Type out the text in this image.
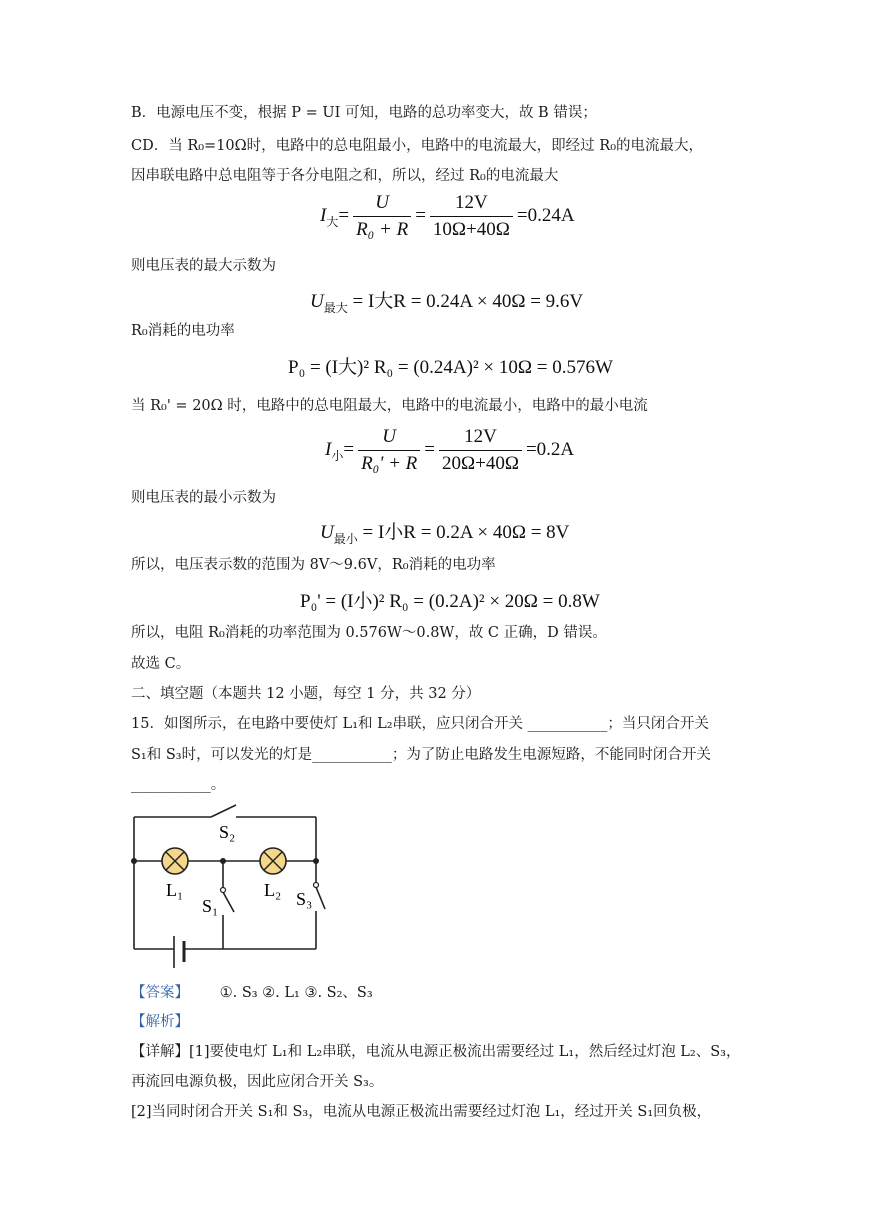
B．电源电压不变，根据 P = UI 可知，电路的总功率变大，故 B 错误；
CD．当 R₀=10Ω时，电路中的总电阻最小，电路中的电流最大，即经过 R₀的电流最大，
因串联电路中总电阻等于各分电阻之和，所以，经过 R₀的电流最大
$I_大= \frac{U}{\text{R₀ + R}} = \frac{12V}{10\Omega+40\Omega} =0.24A$
则电压表的最大示数为
$U_{最大} = I$大R = 0.24A × 40Ω = 9.6V
R₀消耗的电功率
P₀ = (I大)² R₀ = (0.24A)² × 10Ω = 0.576W
当 R₀' = 20Ω 时，电路中的总电阻最大，电路中的电流最小，电路中的最小电流
$I_小= \frac{U}{\text{R₀' + R}} = \frac{12V}{20\Omega+40\Omega} =0.2A$
则电压表的最小示数为
$U_{最小} = I$小R = 0.2A × 40Ω = 8V
所以，电压表示数的范围为 8V～9.6V，R₀消耗的电功率
P₀' = (I小)² R₀ = (0.2A)² × 20Ω = 0.8W
所以，电阻 R₀消耗的功率范围为 0.576W～0.8W，故 C 正确，D 错误。
故选 C。
二、填空题（本题共 12 小题，每空 1 分，共 32 分）
15．如图所示，在电路中要使灯 L₁和 L₂串联，应只闭合开关 ___________；当只闭合开关
S₁和 S₃时，可以发光的灯是___________；为了防止电路发生电源短路，不能同时闭合开关
___________。
S₂
L₁	L₂
S₁	S₃
【答案】 ①. S₃ ②. L₁ ③. S₂、S₃
【解析】
【详解】[1]要使电灯 L₁和 L₂串联，电流从电源正极流出需要经过 L₁，然后经过灯泡 L₂、S₃，
再流回电源负极，因此应闭合开关 S₃。
[2]当同时闭合开关 S₁和 S₃，电流从电源正极流出需要经过灯泡 L₁，经过开关 S₁回负极，
